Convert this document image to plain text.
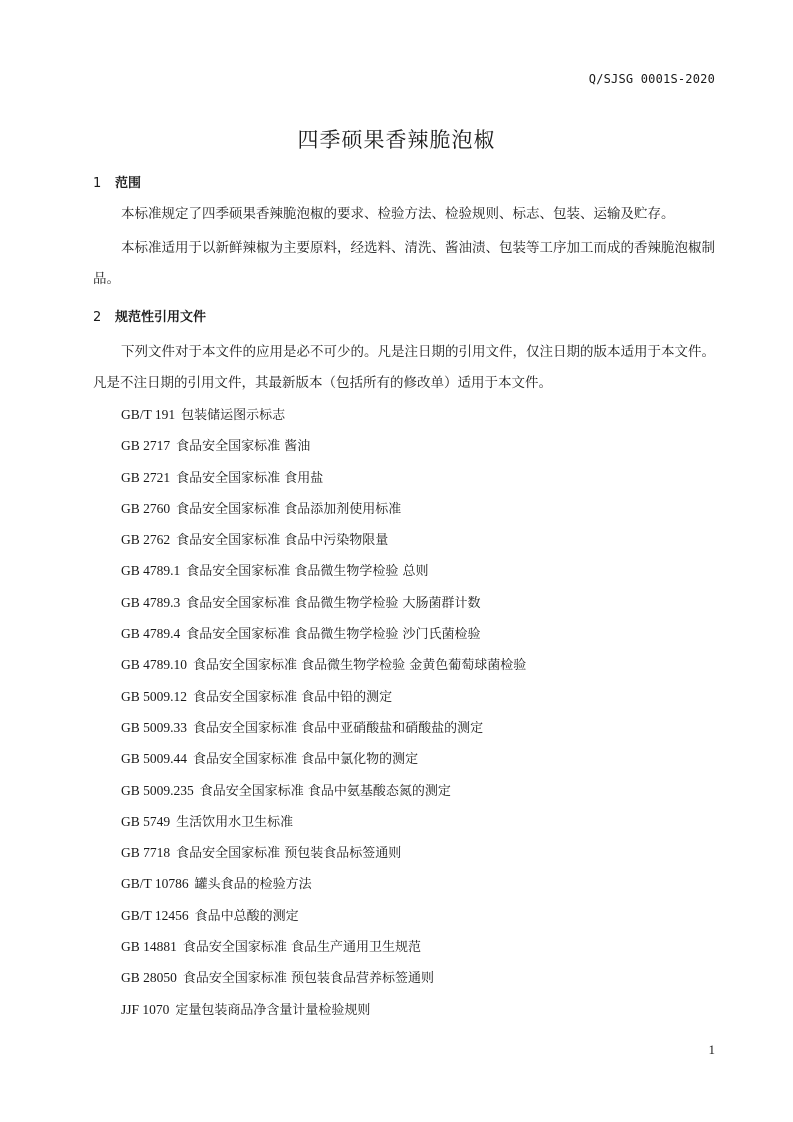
Q/SJSG 0001S-2020
四季硕果香辣脆泡椒
1 范围

本标准规定了四季硕果香辣脆泡椒的要求、检验方法、检验规则、标志、包装、运输及贮存。

本标准适用于以新鲜辣椒为主要原料，经选料、清洗、酱油渍、包装等工序加工而成的香辣脆泡椒制品。

2 规范性引用文件

下列文件对于本文件的应用是必不可少的。凡是注日期的引用文件，仅注日期的版本适用于本文件。凡是不注日期的引用文件，其最新版本（包括所有的修改单）适用于本文件。

GB/T 191 包装储运图示标志
GB 2717 食品安全国家标准 酱油
GB 2721 食品安全国家标准 食用盐
GB 2760 食品安全国家标准 食品添加剂使用标准
GB 2762 食品安全国家标准 食品中污染物限量
GB 4789.1 食品安全国家标准 食品微生物学检验 总则
GB 4789.3 食品安全国家标准 食品微生物学检验 大肠菌群计数
GB 4789.4 食品安全国家标准 食品微生物学检验 沙门氏菌检验
GB 4789.10 食品安全国家标准 食品微生物学检验 金黄色葡萄球菌检验
GB 5009.12 食品安全国家标准 食品中铅的测定
GB 5009.33 食品安全国家标准 食品中亚硝酸盐和硝酸盐的测定
GB 5009.44 食品安全国家标准 食品中氯化物的测定
GB 5009.235 食品安全国家标准 食品中氨基酸态氮的测定
GB 5749 生活饮用水卫生标准
GB 7718 食品安全国家标准 预包装食品标签通则
GB/T 10786 罐头食品的检验方法
GB/T 12456 食品中总酸的测定
GB 14881 食品安全国家标准 食品生产通用卫生规范
GB 28050 食品安全国家标准 预包装食品营养标签通则
JJF 1070 定量包装商品净含量计量检验规则
1
